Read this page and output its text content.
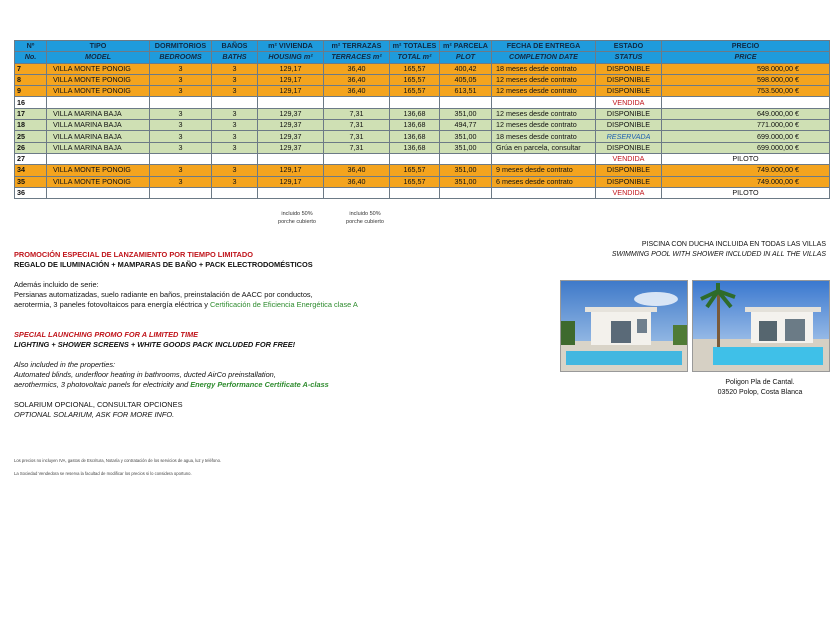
Nº	TIPO	DORMITORIOS	BAÑOS	m² VIVIENDA	m² TERRAZAS	m² TOTALES	m² PARCELA	FECHA DE ENTREGA	ESTADO	PRECIO
No.	MODEL	BEDROOMS	BATHS	HOUSING m²	TERRACES m²	TOTAL m²	PLOT	COMPLETION DATE	STATUS	PRICE
7	VILLA MONTE PONOIG	3	3	129,17	36,40	165,57	400,42	18 meses desde contrato	DISPONIBLE	598.000,00 €
8	VILLA MONTE PONOIG	3	3	129,17	36,40	165,57	405,05	12 meses desde contrato	DISPONIBLE	598.000,00 €
9	VILLA MONTE PONOIG	3	3	129,17	36,40	165,57	613,51	12 meses desde contrato	DISPONIBLE	753.500,00 €
16									VENDIDA	
17	VILLA MARINA BAJA	3	3	129,37	7,31	136,68	351,00	12 meses desde contrato	DISPONIBLE	649.000,00 €
18	VILLA MARINA BAJA	3	3	129,37	7,31	136,68	494,77	12 meses desde contrato	DISPONIBLE	771.000,00 €
25	VILLA MARINA BAJA	3	3	129,37	7,31	136,68	351,00	18 meses desde contrato	RESERVADA	699.000,00 €
26	VILLA MARINA BAJA	3	3	129,37	7,31	136,68	351,00	Grúa en parcela, consultar	DISPONIBLE	699.000,00 €
27									VENDIDA	PILOTO
34	VILLA MONTE PONOIG	3	3	129,17	36,40	165,57	351,00	9 meses desde contrato	DISPONIBLE	749.000,00 €
35	VILLA MONTE PONOIG	3	3	129,17	36,40	165,57	351,00	6 meses desde contrato	DISPONIBLE	749.000,00 €
36									VENDIDA	PILOTO
incluido 50%
porche cubierto
incluido 50%
porche cubierto
PROMOCIÓN ESPECIAL DE LANZAMIENTO POR TIEMPO LIMITADO
REGALO DE ILUMINACIÓN + MAMPARAS DE BAÑO + PACK ELECTRODOMÉSTICOS
Además incluido de serie:
Persianas automatizadas, suelo radiante en baños, preinstalación de AACC por conductos,
aerotermia, 3 paneles fotovoltaicos para energía eléctrica y Certificación de Eficiencia Energética clase A
SPECIAL LAUNCHING PROMO FOR A LIMITED TIME
LIGHTING + SHOWER SCREENS + WHITE GOODS PACK INCLUDED FOR FREE!
Also included in the properties:
Automated blinds, underfloor heating in bathrooms, ducted AirCo preinstallation,
aerothermics, 3 photovoltaic panels for electricity and Energy Performance Certificate A-class
SOLARIUM OPCIONAL, CONSULTAR OPCIONES
OPTIONAL SOLARIUM, ASK FOR MORE INFO.
Los precios no incluyen IVA, gastos de Escritura, Notaría y contratación de los servicios de agua, luz y teléfono.
La Sociedad Vendedora se reserva la facultad de modificar los precios si lo considera oportuno.
PISCINA CON DUCHA INCLUIDA EN TODAS LAS VILLAS
SWIMMING POOL WITH SHOWER INCLUDED IN ALL THE VILLAS
Poligon Pla de Cantal.
03520 Polop, Costa Blanca
